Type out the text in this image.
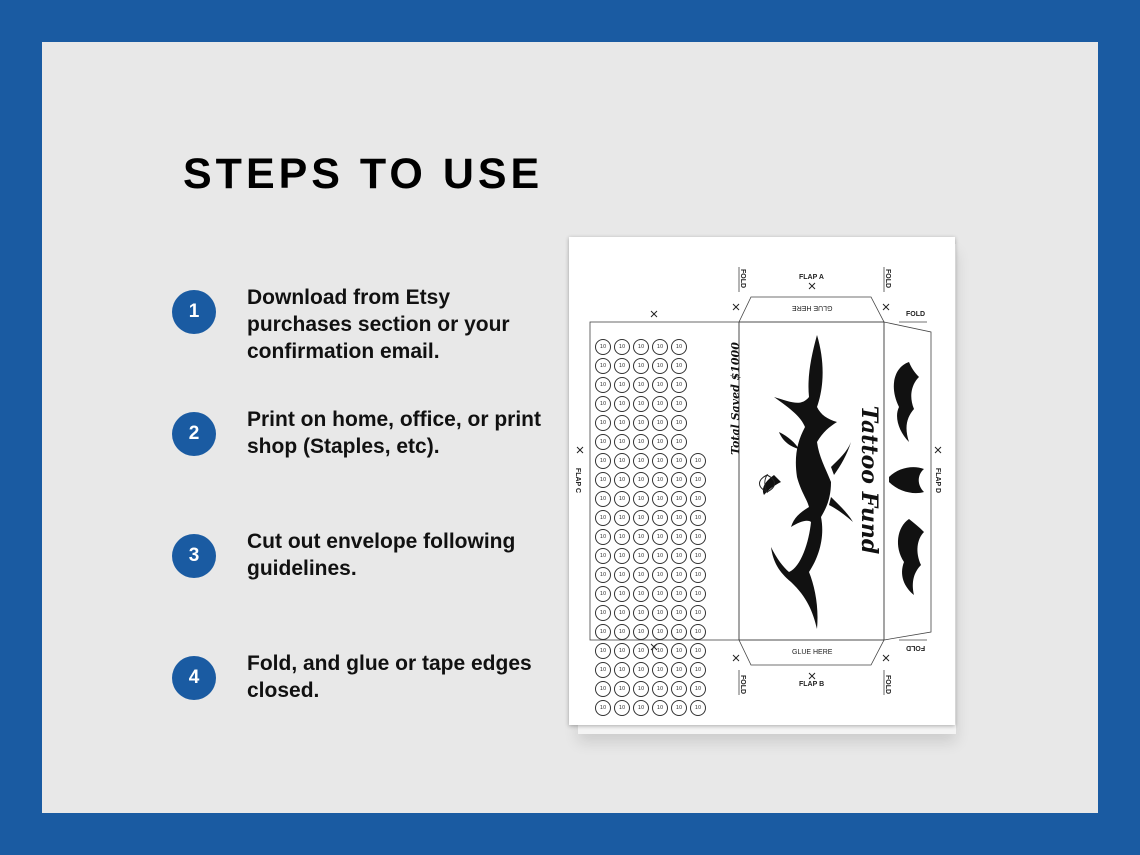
STEPS TO USE
1
Download from Etsy purchases section or your confirmation email.
2
Print on home, office, or print shop (Staples, etc).
3
Cut out envelope following guidelines.
4
Fold, and glue or tape edges closed.
FLAP A
FLAP B
FLAP C	FLAP D
FOLD	FOLD
FOLD	FOLD
FOLD
FOLD
GLUE HERE
GLUE HERE
Tattoo Fund
Total Saved $1000
10	10	10	10	10
10	10	10	10	10
10	10	10	10	10
10	10	10	10	10
10	10	10	10	10
10	10	10	10	10
10	10	10	10	10	10
10	10	10	10	10	10
10	10	10	10	10	10
10	10	10	10	10	10
10	10	10	10	10	10
10	10	10	10	10	10
10	10	10	10	10	10
10	10	10	10	10	10
10	10	10	10	10	10
10	10	10	10	10	10
10	10	10	10	10	10
10	10	10	10	10	10
10	10	10	10	10	10
10	10	10	10	10	10
